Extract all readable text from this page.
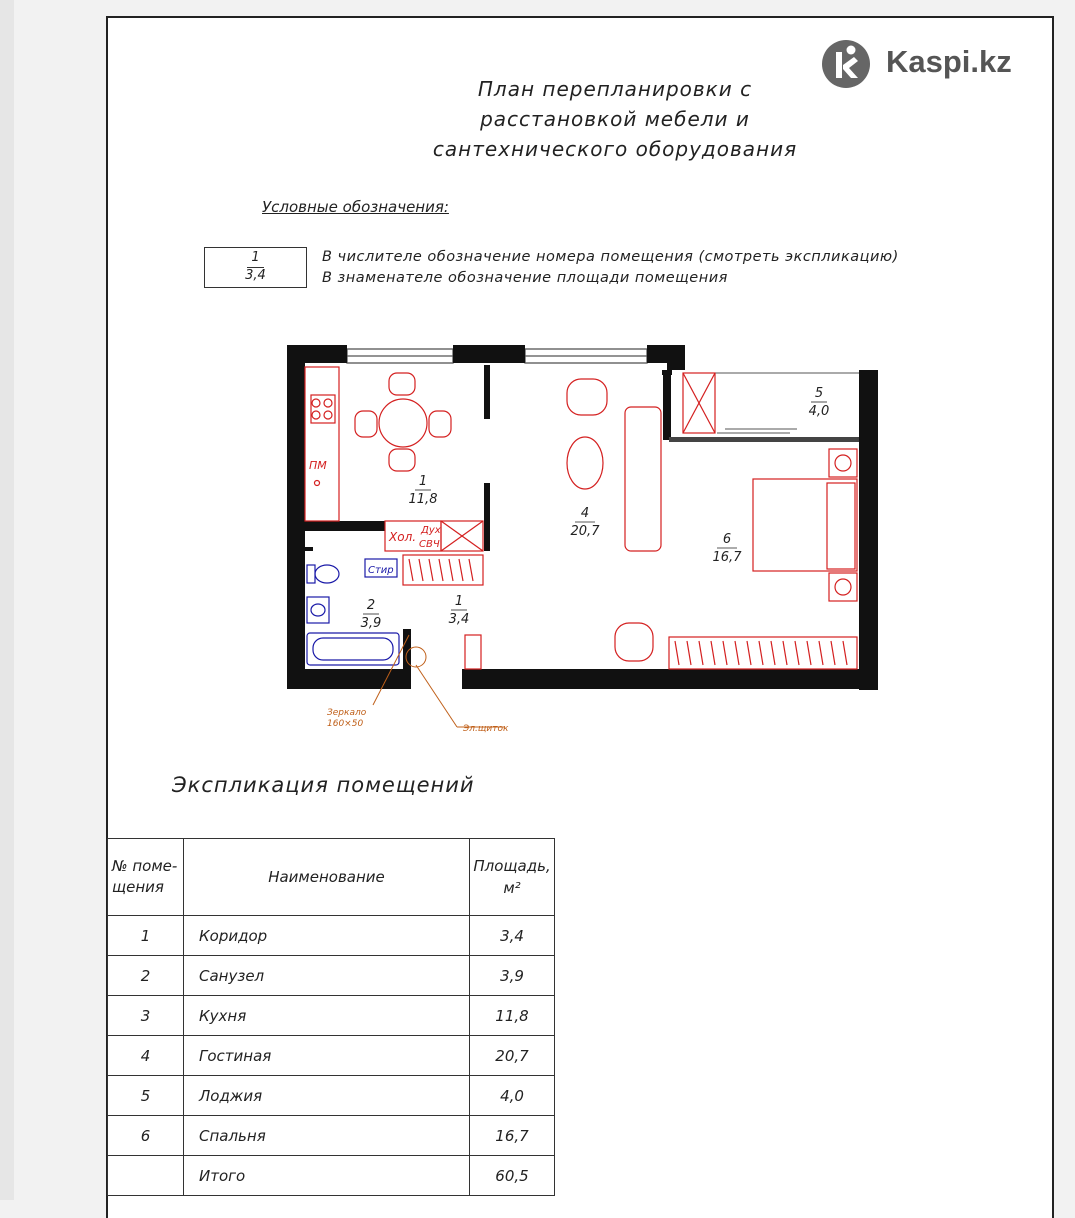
Kaspi.kz
План перепланировки с
расстановкой мебели и
сантехнического оборудования
Условные обозначения:
1
3,4
В числителе обозначение номера помещения (смотреть экспликацию)
В знаменателе обозначение площади помещения
1
11,8
2
3,9
1
3,4
4
20,7
5
4,0
6
16,7
ПМ
Хол. Дух
СВЧ
Стир
Зеркало
160×50	Эл.щиток
Экспликация помещений
№ поме-щения	Наименование	Площадь, м²
1	Коридор	3,4
2	Санузел	3,9
3	Кухня	11,8
4	Гостиная	20,7
5	Лоджия	4,0
6	Спальня	16,7
	Итого	60,5
